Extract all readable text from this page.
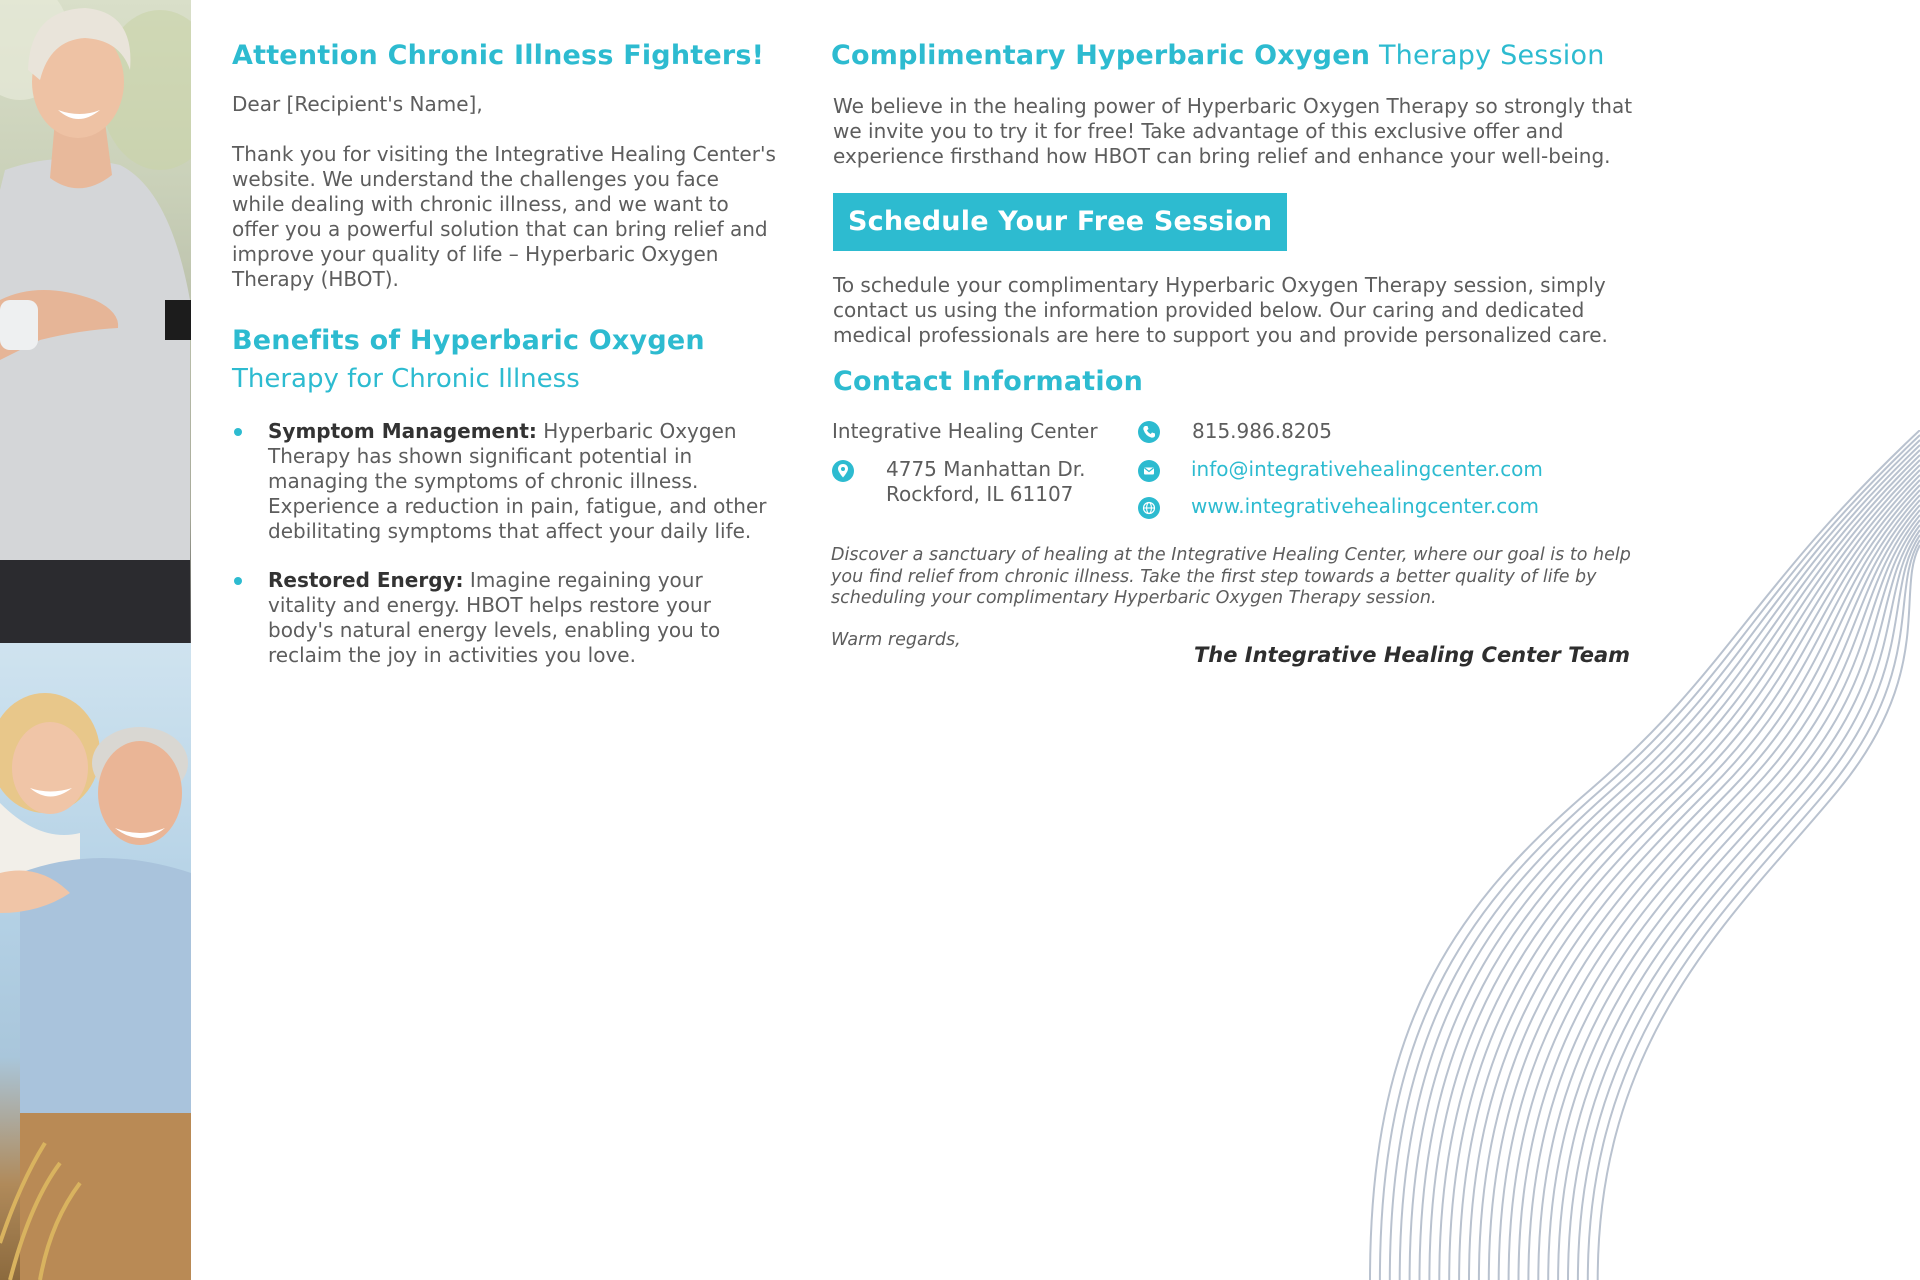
Attention Chronic Illness Fighters!

Dear [Recipient's Name],

Thank you for visiting the Integrative Healing Center's website. We understand the challenges you face while dealing with chronic illness, and we want to offer you a powerful solution that can bring relief and improve your quality of life – Hyperbaric Oxygen Therapy (HBOT).

Benefits of Hyperbaric Oxygen
Therapy for Chronic Illness
Symptom Management: Hyperbaric Oxygen Therapy has shown significant potential in managing the symptoms of chronic illness. Experience a reduction in pain, fatigue, and other debilitating symptoms that affect your daily life.
Restored Energy: Imagine regaining your vitality and energy. HBOT helps restore your body's natural energy levels, enabling you to reclaim the joy in activities you love.
Complimentary Hyperbaric Oxygen Therapy Session

We believe in the healing power of Hyperbaric Oxygen Therapy so strongly that we invite you to try it for free! Take advantage of this exclusive offer and experience firsthand how HBOT can bring relief and enhance your well-being.

Schedule Your Free Session

To schedule your complimentary Hyperbaric Oxygen Therapy session, simply contact us using the information provided below. Our caring and dedicated medical professionals are here to support you and provide personalized care.

Contact Information
Integrative Healing Center
4775 Manhattan Dr.
Rockford, IL 61107
815.986.8205
info@integrativehealingcenter.com
www.integrativehealingcenter.com

Discover a sanctuary of healing at the Integrative Healing Center, where our goal is to help you find relief from chronic illness. Take the first step towards a better quality of life by scheduling your complimentary Hyperbaric Oxygen Therapy session.

Warm regards,
The Integrative Healing Center Team
